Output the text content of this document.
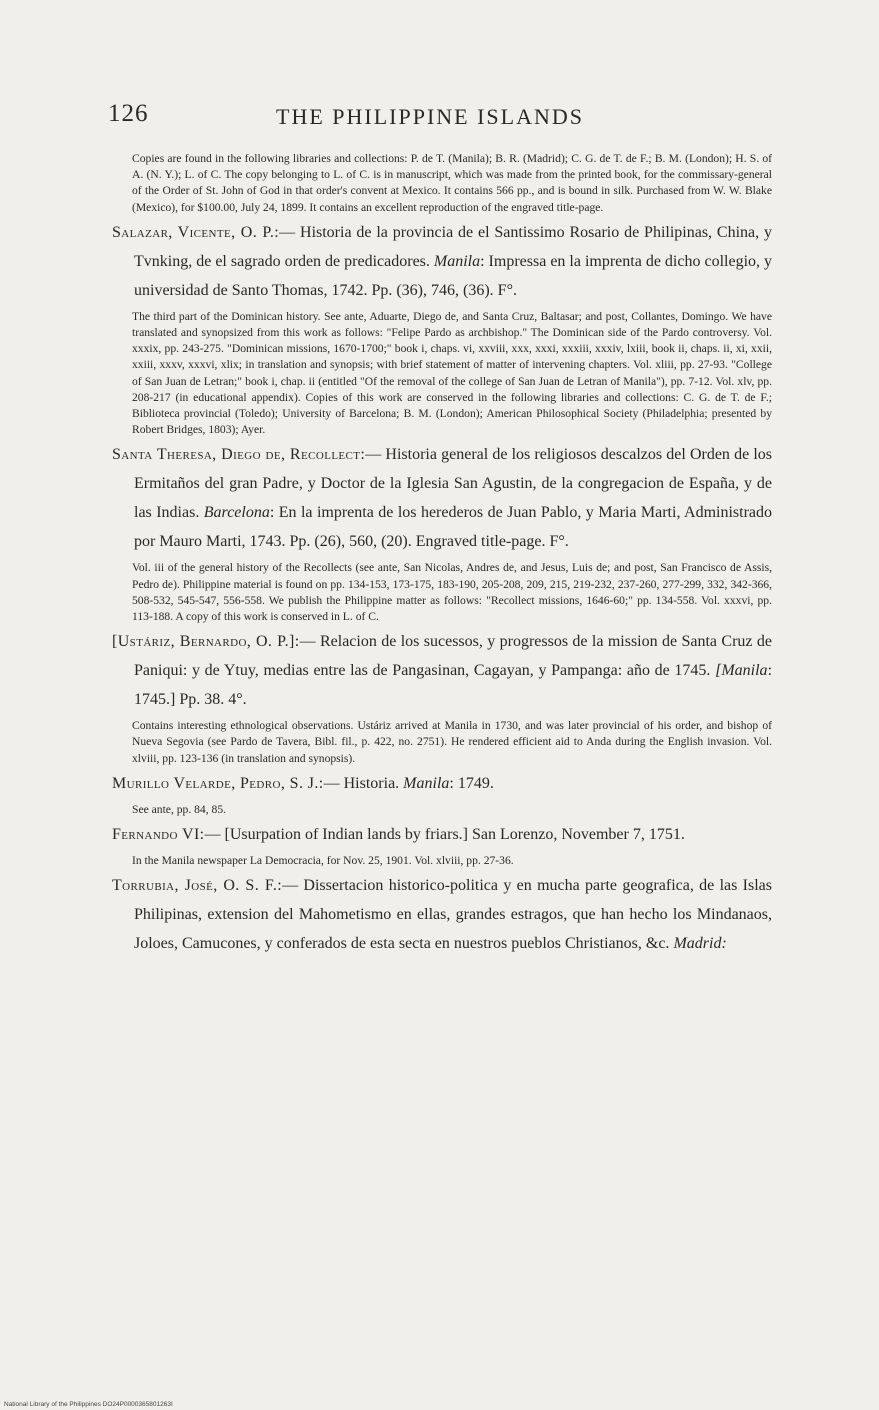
126	THE PHILIPPINE ISLANDS

Copies are found in the following libraries and collections: P. de T. (Manila); B. R. (Madrid); C. G. de T. de F.; B. M. (London); H. S. of A. (N. Y.); L. of C. The copy belonging to L. of C. is in manuscript, which was made from the printed book, for the commissary-general of the Order of St. John of God in that order's convent at Mexico. It contains 566 pp., and is bound in silk. Purchased from W. W. Blake (Mexico), for $100.00, July 24, 1899. It contains an excellent reproduction of the engraved title-page.

Salazar, Vicente, O. P.:— Historia de la provincia de el Santissimo Rosario de Philipinas, China, y Tvnking, de el sagrado orden de predicadores. Manila: Impressa en la imprenta de dicho collegio, y universidad de Santo Thomas, 1742. Pp. (36), 746, (36). F°.

The third part of the Dominican history. See ante, Aduarte, Diego de, and Santa Cruz, Baltasar; and post, Collantes, Domingo. We have translated and synopsized from this work as follows: "Felipe Pardo as archbishop." The Dominican side of the Pardo controversy. Vol. xxxix, pp. 243-275. "Dominican missions, 1670-1700;" book i, chaps. vi, xxviii, xxx, xxxi, xxxiii, xxxiv, lxiii, book ii, chaps. ii, xi, xxii, xxiii, xxxv, xxxvi, xlix; in translation and synopsis; with brief statement of matter of intervening chapters. Vol. xliii, pp. 27-93. "College of San Juan de Letran;" book i, chap. ii (entitled "Of the removal of the college of San Juan de Letran of Manila"), pp. 7-12. Vol. xlv, pp. 208-217 (in educational appendix). Copies of this work are conserved in the following libraries and collections: C. G. de T. de F.; Biblioteca provincial (Toledo); University of Barcelona; B. M. (London); American Philosophical Society (Philadelphia; presented by Robert Bridges, 1803); Ayer.

Santa Theresa, Diego de, Recollect:— Historia general de los religiosos descalzos del Orden de los Ermitaños del gran Padre, y Doctor de la Iglesia San Agustin, de la congregacion de España, y de las Indias. Barcelona: En la imprenta de los herederos de Juan Pablo, y Maria Marti, Administrado por Mauro Marti, 1743. Pp. (26), 560, (20). Engraved title-page. F°.

Vol. iii of the general history of the Recollects (see ante, San Nicolas, Andres de, and Jesus, Luis de; and post, San Francisco de Assis, Pedro de). Philippine material is found on pp. 134-153, 173-175, 183-190, 205-208, 209, 215, 219-232, 237-260, 277-299, 332, 342-366, 508-532, 545-547, 556-558. We publish the Philippine matter as follows: "Recollect missions, 1646-60;" pp. 134-558. Vol. xxxvi, pp. 113-188. A copy of this work is conserved in L. of C.

[Ustáriz, Bernardo, O. P.]:— Relacion de los sucessos, y progressos de la mission de Santa Cruz de Paniqui: y de Ytuy, medias entre las de Pangasinan, Cagayan, y Pampanga: año de 1745. [Manila: 1745.] Pp. 38. 4°.

Contains interesting ethnological observations. Ustáriz arrived at Manila in 1730, and was later provincial of his order, and bishop of Nueva Segovia (see Pardo de Tavera, Bibl. fil., p. 422, no. 2751). He rendered efficient aid to Anda during the English invasion. Vol. xlviii, pp. 123-136 (in translation and synopsis).

Murillo Velarde, Pedro, S. J.:— Historia. Manila: 1749.

See ante, pp. 84, 85.

Fernando VI:— [Usurpation of Indian lands by friars.] San Lorenzo, November 7, 1751.

In the Manila newspaper La Democracia, for Nov. 25, 1901. Vol. xlviii, pp. 27-36.

Torrubia, José, O. S. F.:— Dissertacion historico-politica y en mucha parte geografica, de las Islas Philipinas, extension del Mahometismo en ellas, grandes estragos, que han hecho los Mindanaos, Joloes, Camucones, y conferados de esta secta en nuestros pueblos Christianos, &c. Madrid:

National Library of the Philippines DO24P0000365801263I
